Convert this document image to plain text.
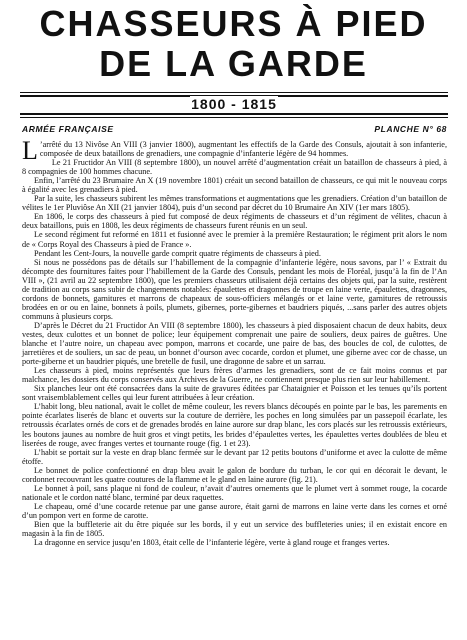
CHASSEURS À PIED
DE LA GARDE
1800 - 1815
ARMÉE FRANÇAISE	PLANCHE N° 68

L ’arrêté du 13 Nivôse An VIII (3 janvier 1800), augmentant les effectifs de la Garde des Consuls, ajoutait à son infanterie, composée de deux bataillons de grenadiers, une compagnie d’infanterie légère de 94 hommes.

Le 21 Fructidor An VIII (8 septembre 1800), un nouvel arrêté d’augmentation créait un bataillon de chasseurs à pied, à 8 compagnies de 100 hommes chacune.

Enfin, l’arrêté du 23 Brumaire An X (19 novembre 1801) créait un second bataillon de chasseurs, ce qui mit le nouveau corps à égalité avec les grenadiers à pied.

Par la suite, les chasseurs subirent les mêmes transformations et augmentations que les grenadiers. Création d’un bataillon de vélites le 1er Pluviôse An XII (21 janvier 1804), puis d’un second par décret du 10 Brumaire An XIV (1er mars 1805).

En 1806, le corps des chasseurs à pied fut composé de deux régiments de chasseurs et d’un régiment de vélites, chacun à deux bataillons, puis en 1808, les deux régiments de chasseurs furent réunis en un seul.

Le second régiment fut reformé en 1811 et fusionné avec le premier à la première Restauration; le régiment prit alors le nom de « Corps Royal des Chasseurs à pied de France ».

Pendant les Cent-Jours, la nouvelle garde comprit quatre régiments de chasseurs à pied.

Si nous ne possédons pas de détails sur l’habillement de la compagnie d’infanterie légère, nous savons, par l’ « Extrait du décompte des fournitures faites pour l’habillement de la Garde des Consuls, pendant les mois de Floréal, jusqu’à la fin de l’An VIII », (21 avril au 22 septembre 1800), que les premiers chasseurs utilisaient déjà certains des objets qui, par la suite, restèrent de tradition au corps sans subir de changements notables: épaulettes et dragonnes de troupe en laine verte, épaulettes, dragonnes, cordons de bonnets, garnitures et marrons de chapeaux de sous-officiers mélangés or et laine verte, garnitures de retroussis brodées en or ou en laine, bonnets à poils, plumets, gibernes, porte-gibernes et baudriers piqués, ...sans parler des autres objets communs à plusieurs corps.

D’après le Décret du 21 Fructidor An VIII (8 septembre 1800), les chasseurs à pied disposaient chacun de deux habits, deux vestes, deux culottes et un bonnet de police; leur équipement comprenait une paire de souliers, deux paires de guêtres. Une blanche et l’autre noire, un chapeau avec pompon, marrons et cocarde, une paire de bas, des boucles de col, de culottes, de jarretières et de souliers, un sac de peau, un bonnet d’ourson avec cocarde, cordon et plumet, une giberne avec cor de chasse, un porte-giberne et un baudrier piqués, une bretelle de fusil, une dragonne de sabre et un sarrau.

Les chasseurs à pied, moins représentés que leurs frères d’armes les grenadiers, sont de ce fait moins connus et par malchance, les dossiers du corps conservés aux Archives de la Guerre, ne contiennent presque plus rien sur leur habillement.

Six planches leur ont été consacrées dans la suite de gravures éditées par Chataignier et Poisson et les tenues qu’ils portent sont vraisemblablement celles qui leur furent attribuées à leur création.

L’habit long, bleu national, avait le collet de même couleur, les revers blancs découpés en pointe par le bas, les parements en pointe écarlates liserés de blanc et ouverts sur la couture de derrière, les poches en long simulées par un passepoil écarlate, les retroussis écarlates ornés de cors et de grenades brodés en laine aurore sur drap blanc, les cors placés sur les retroussis extérieurs, les boutons jaunes au nombre de huit gros et vingt petits, les brides d’épaulettes vertes, les épaulettes vertes doublées de bleu et liserées de rouge, avec franges vertes et tournante rouge (fig. 1 et 23).

L’habit se portait sur la veste en drap blanc fermée sur le devant par 12 petits boutons d’uniforme et avec la culotte de même étoffe.

Le bonnet de police confectionné en drap bleu avait le galon de bordure du turban, le cor qui en décorait le devant, le cordonnet recouvrant les quatre coutures de la flamme et le gland en laine aurore (fig. 21).

Le bonnet à poil, sans plaque ni fond de couleur, n’avait d’autres ornements que le plumet vert à sommet rouge, la cocarde nationale et le cordon natté blanc, terminé par deux raquettes.

Le chapeau, orné d’une cocarde retenue par une ganse aurore, était garni de marrons en laine verte dans les cornes et orné d’un pompon vert en forme de carotte.

Bien que la buffleterie ait du être piquée sur les bords, il y eut un service des buffleteries unies; il en existait encore en magasin à la fin de 1805.

La dragonne en service jusqu’en 1803, était celle de l’infanterie légère, verte à gland rouge et franges vertes.
